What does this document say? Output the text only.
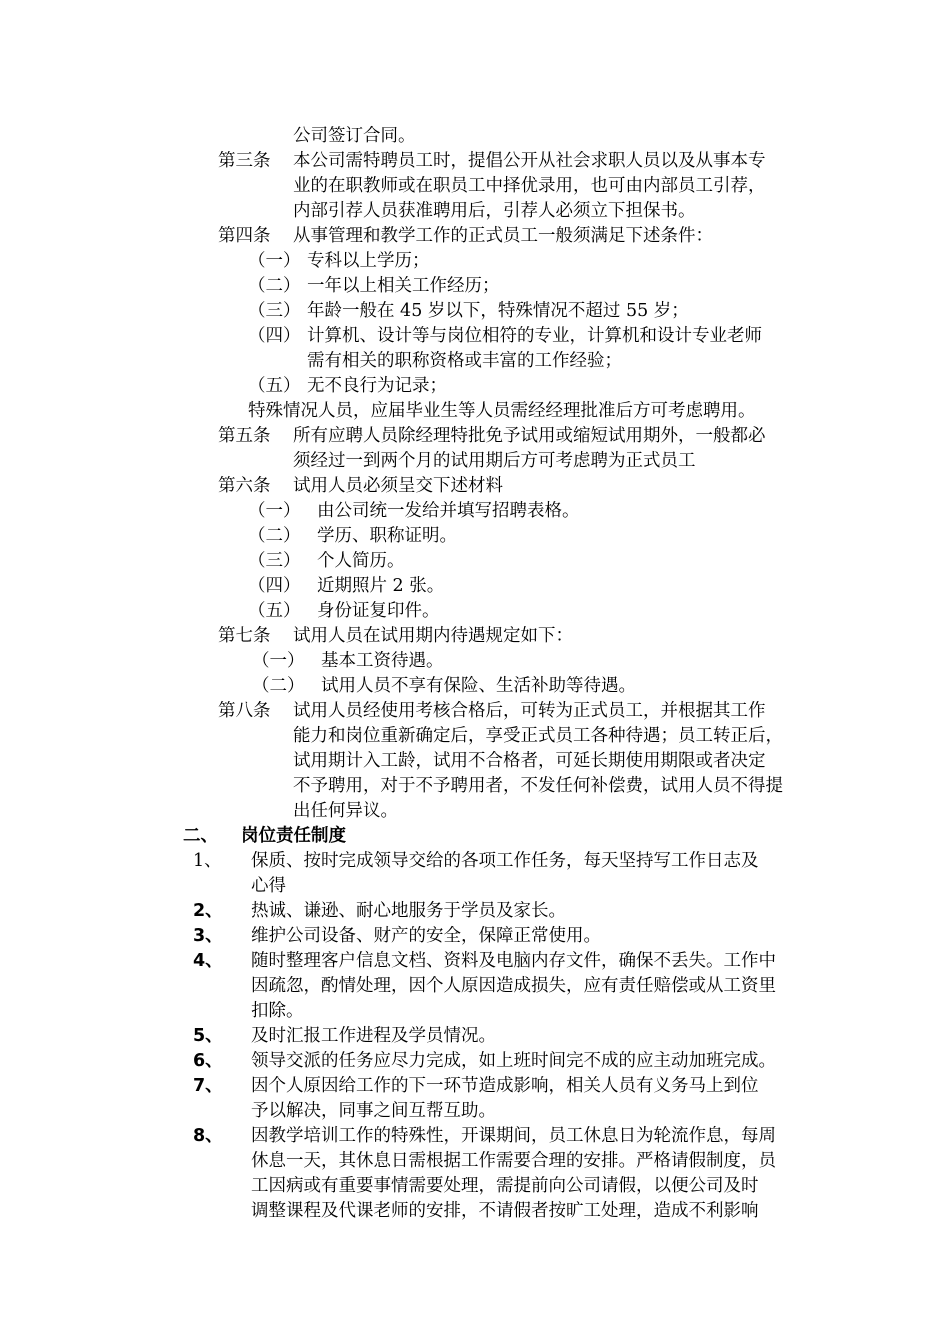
公司签订合同。
第三条 本公司需特聘员工时，提倡公开从社会求职人员以及从事本专
业的在职教师或在职员工中择优录用，也可由内部员工引荐，
内部引荐人员获准聘用后，引荐人必须立下担保书。
第四条 从事管理和教学工作的正式员工一般须满足下述条件：
（一） 专科以上学历；
（二） 一年以上相关工作经历；
（三） 年龄一般在 45 岁以下，特殊情况不超过 55 岁；
（四） 计算机、设计等与岗位相符的专业，计算机和设计专业老师
需有相关的职称资格或丰富的工作经验；
（五） 无不良行为记录；
特殊情况人员，应届毕业生等人员需经经理批准后方可考虑聘用。
第五条 所有应聘人员除经理特批免予试用或缩短试用期外，一般都必
须经过一到两个月的试用期后方可考虑聘为正式员工
第六条 试用人员必须呈交下述材料
（一） 由公司统一发给并填写招聘表格。
（二） 学历、职称证明。
（三） 个人简历。
（四） 近期照片 2 张。
（五） 身份证复印件。
第七条 试用人员在试用期内待遇规定如下：
（一） 基本工资待遇。
（二） 试用人员不享有保险、生活补助等待遇。
第八条 试用人员经使用考核合格后，可转为正式员工，并根据其工作
能力和岗位重新确定后，享受正式员工各种待遇；员工转正后，
试用期计入工龄，试用不合格者，可延长期使用期限或者决定
不予聘用，对于不予聘用者，不发任何补偿费，试用人员不得提
出任何异议。
二、 岗位责任制度
1、 保质、按时完成领导交给的各项工作任务，每天坚持写工作日志及
心得
2、 热诚、谦逊、耐心地服务于学员及家长。
3、 维护公司设备、财产的安全，保障正常使用。
4、 随时整理客户信息文档、资料及电脑内存文件，确保不丢失。工作中
因疏忽，酌情处理，因个人原因造成损失，应有责任赔偿或从工资里
扣除。
5、 及时汇报工作进程及学员情况。
6、 领导交派的任务应尽力完成，如上班时间完不成的应主动加班完成。
7、 因个人原因给工作的下一环节造成影响，相关人员有义务马上到位
予以解决，同事之间互帮互助。
8、 因教学培训工作的特殊性，开课期间，员工休息日为轮流作息，每周
休息一天，其休息日需根据工作需要合理的安排。严格请假制度，员
工因病或有重要事情需要处理，需提前向公司请假，以便公司及时
调整课程及代课老师的安排，不请假者按旷工处理，造成不利影响
